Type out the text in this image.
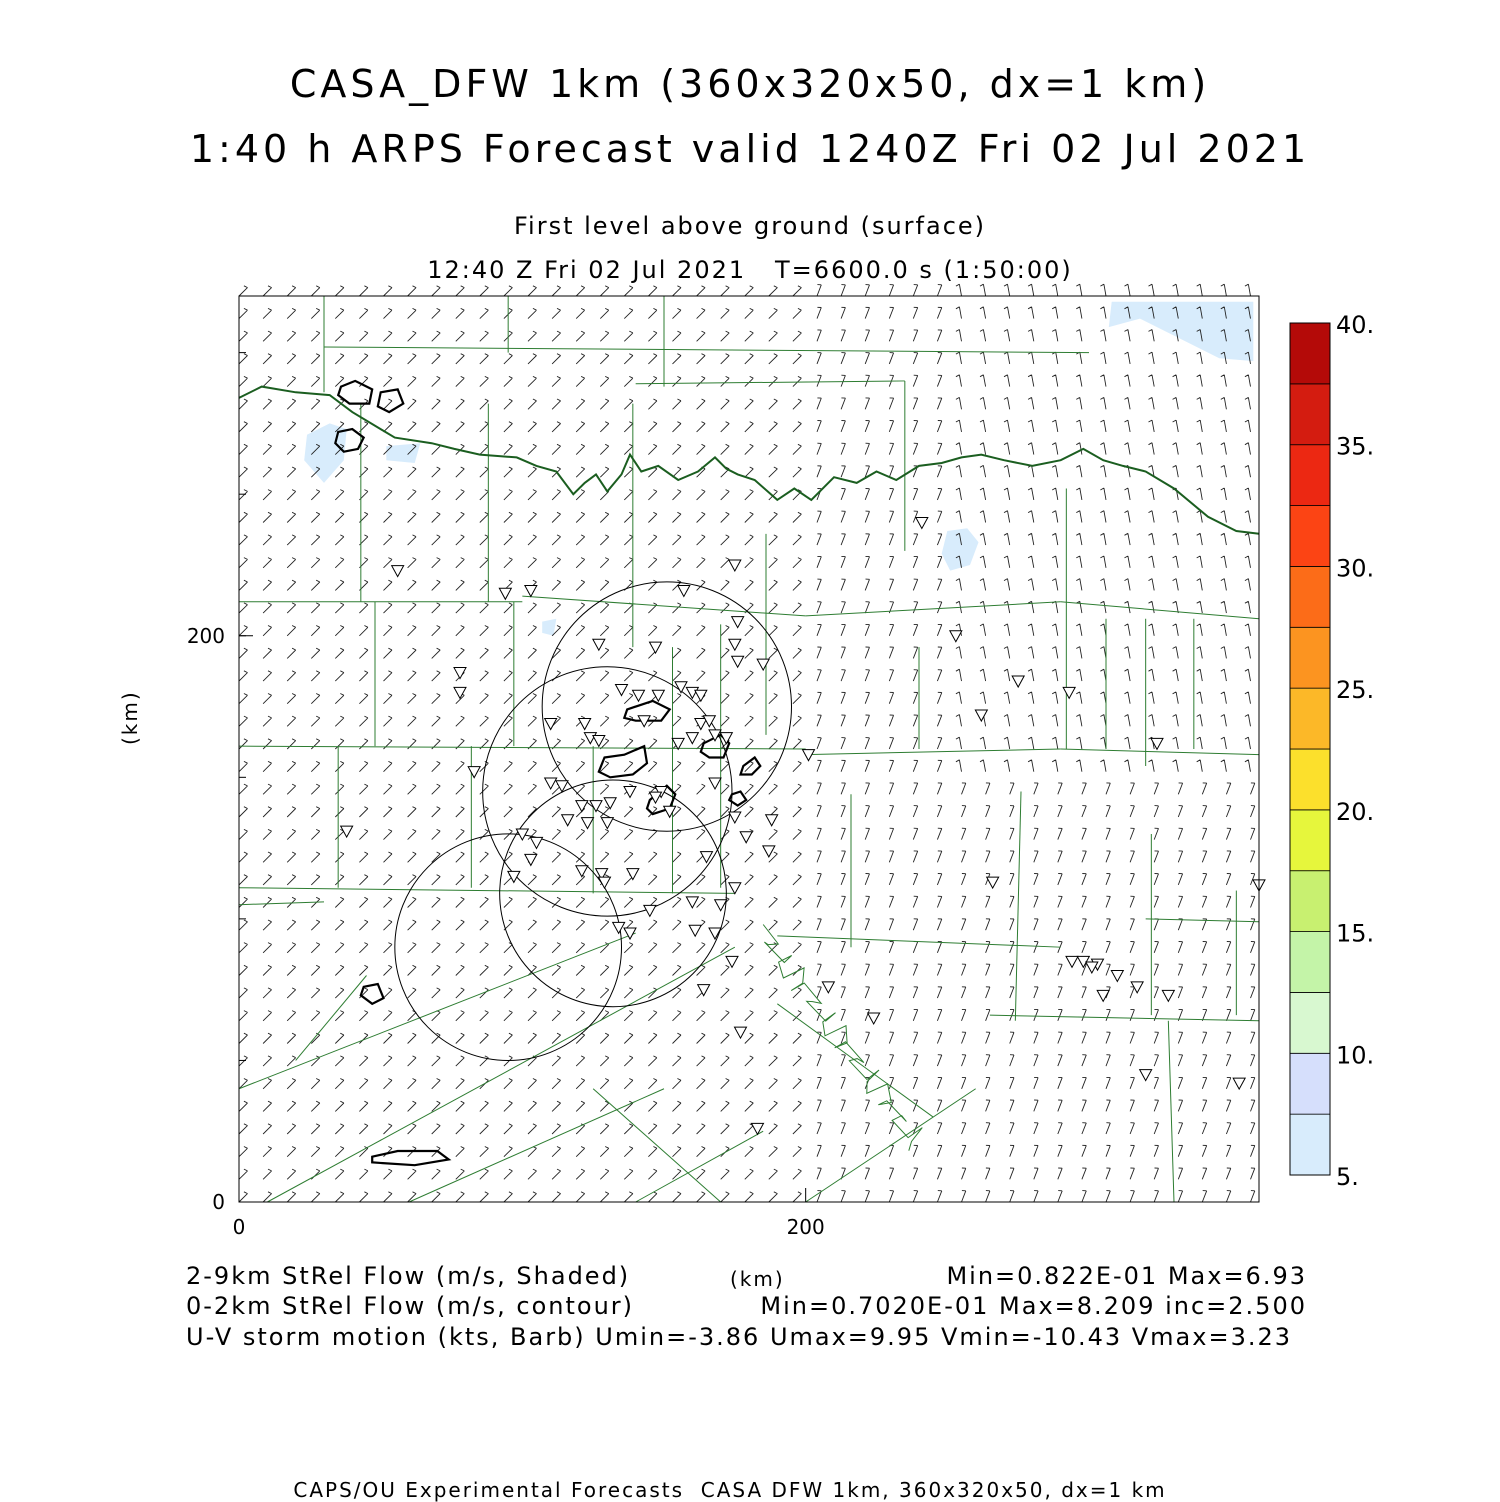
CASA_DFW 1km (360x320x50, dx=1 km)
1:40 h ARPS Forecast valid 1240Z Fri 02 Jul 2021
First level above ground (surface)
12:40 Z Fri 02 Jul 2021   T=6600.0 s (1:50:00)
0	200
0
200
5.
10.
15.
20.
25.
30.
35.
40.
(km)
2-9km StRel Flow (m/s, Shaded)	(km)	Min=0.822E-01 Max=6.93
0-2km StRel Flow (m/s, contour)	Min=0.7020E-01 Max=8.209 inc=2.500
U-V storm motion (kts, Barb) Umin=-3.86 Umax=9.95 Vmin=-10.43 Vmax=3.23
CAPS/OU Experimental Forecasts  CASA DFW 1km, 360x320x50, dx=1 km
